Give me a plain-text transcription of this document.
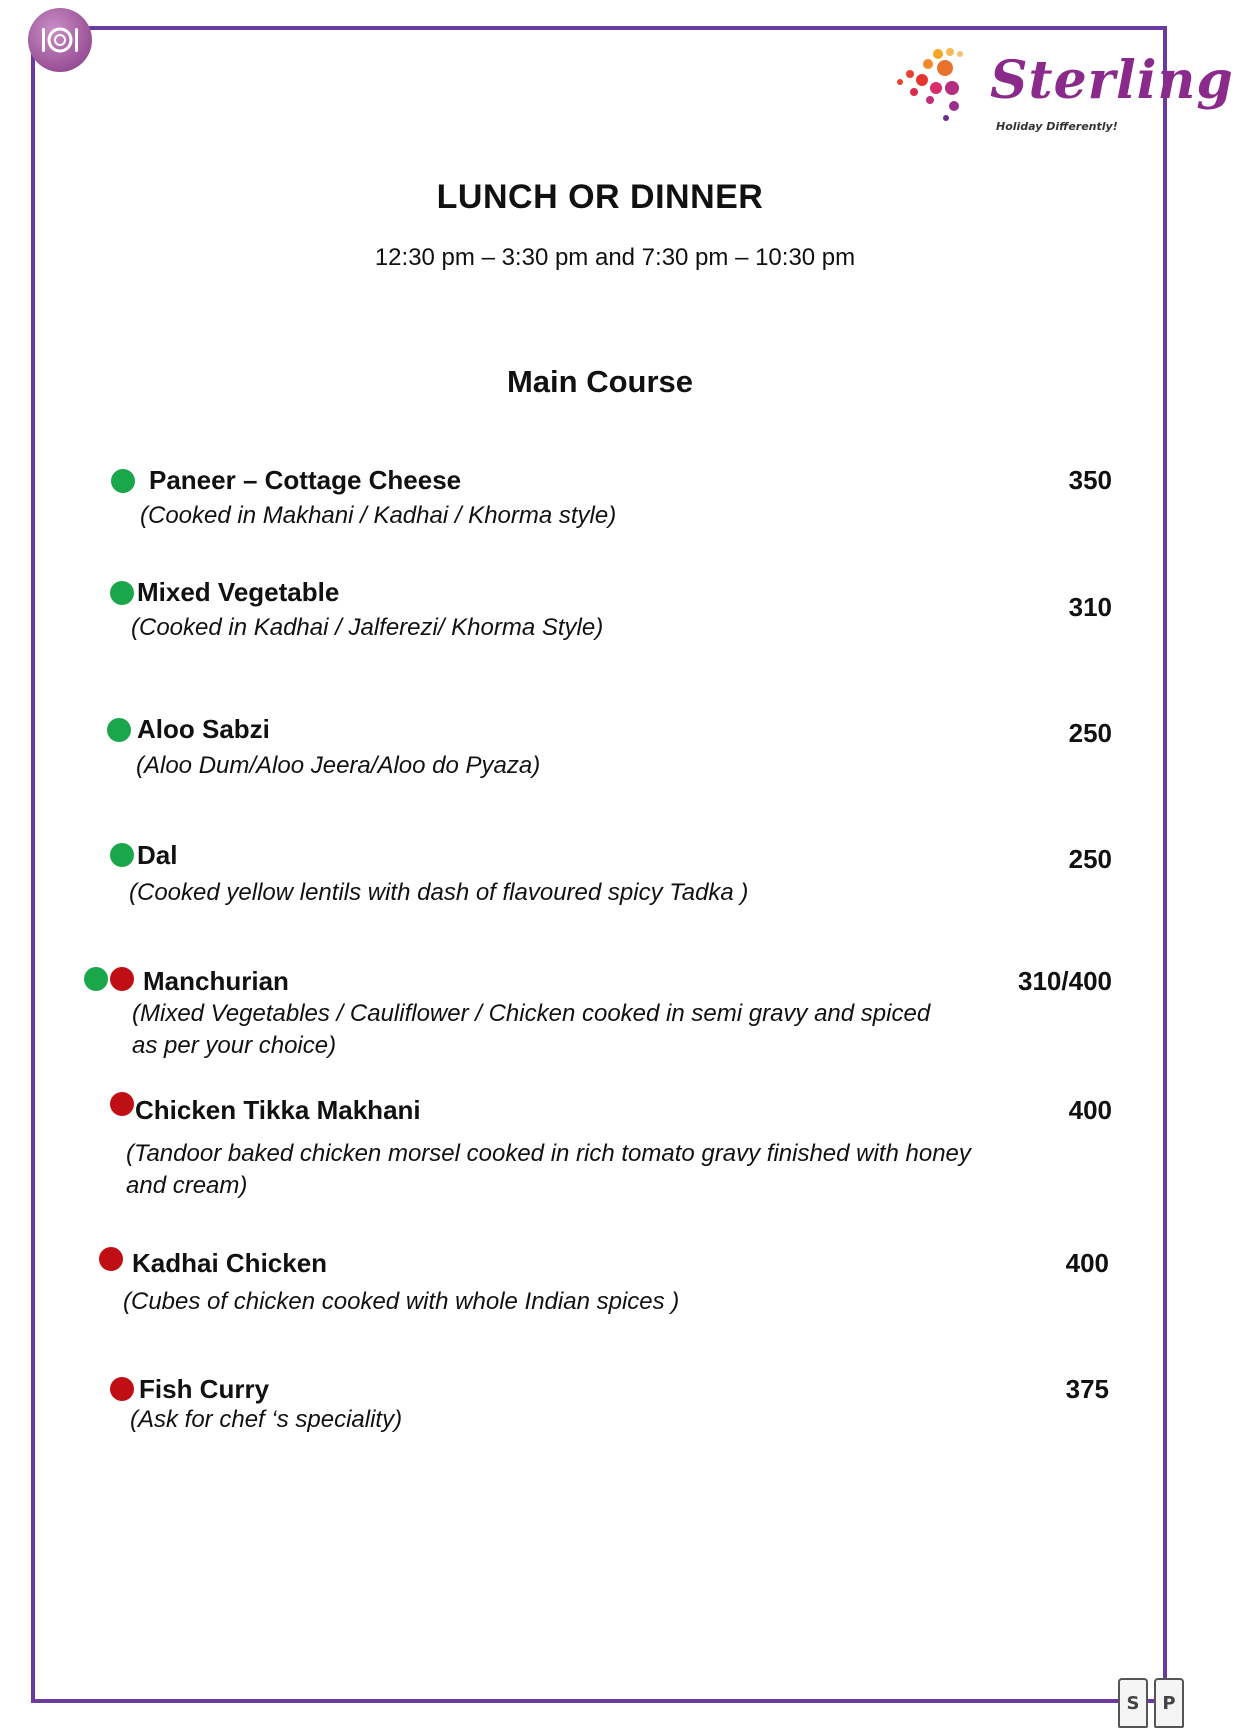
Sterling
Holiday Differently!
LUNCH OR DINNER
12:30 pm – 3:30 pm and 7:30 pm – 10:30 pm
Main Course
Paneer – Cottage Cheese
(Cooked in Makhani / Kadhai / Khorma style)
350
Mixed Vegetable
(Cooked in Kadhai / Jalferezi/ Khorma Style)
310
Aloo Sabzi
(Aloo Dum/Aloo Jeera/Aloo do Pyaza)
250
Dal
(Cooked yellow lentils with dash of flavoured spicy Tadka )
250
Manchurian
(Mixed Vegetables / Cauliflower / Chicken cooked in semi gravy and spiced
as per your choice)
310/400
Chicken Tikka Makhani
(Tandoor baked chicken morsel cooked in rich tomato gravy finished with honey
and cream)
400
Kadhai Chicken
(Cubes of chicken cooked with whole Indian spices )
400
Fish Curry
(Ask for chef ‘s speciality)
375
S	P
